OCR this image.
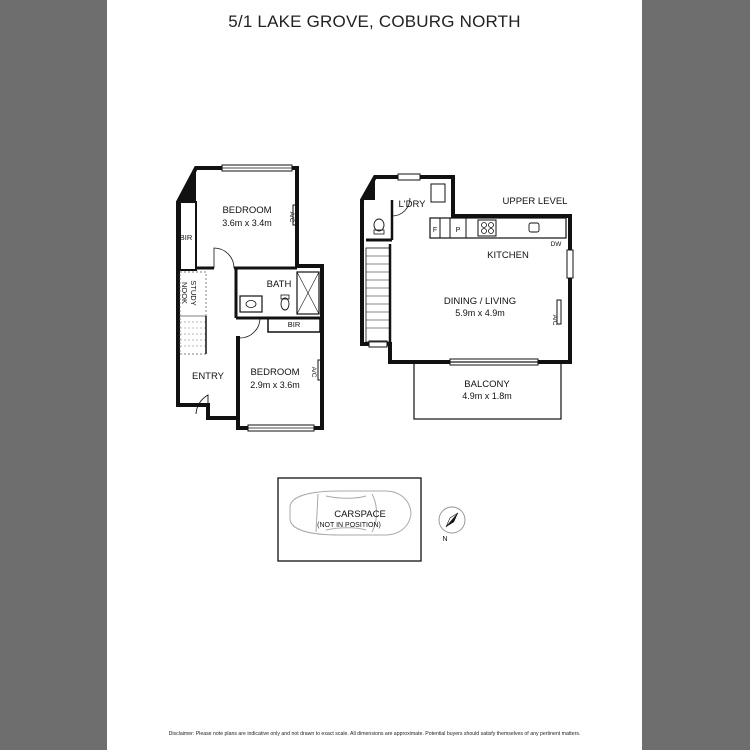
5/1 LAKE GROVE, COBURG NORTH
BEDROOM
3.6m x 3.4m
BIR
A/C
BATH
BIR
STUDY
NOOK
BEDROOM
2.9m x 3.6m
A/C
ENTRY
UPPER LEVEL
L'DRY
F	P
DW
KITCHEN
DINING / LIVING
5.9m x 4.9m
A/C
BALCONY
4.9m x 1.8m
CARSPACE
(NOT IN POSITION)
N
Disclaimer: Please note plans are indicative only and not drawn to exact scale. All dimensions are approximate. Potential buyers should satisfy themselves of any pertinent matters.
